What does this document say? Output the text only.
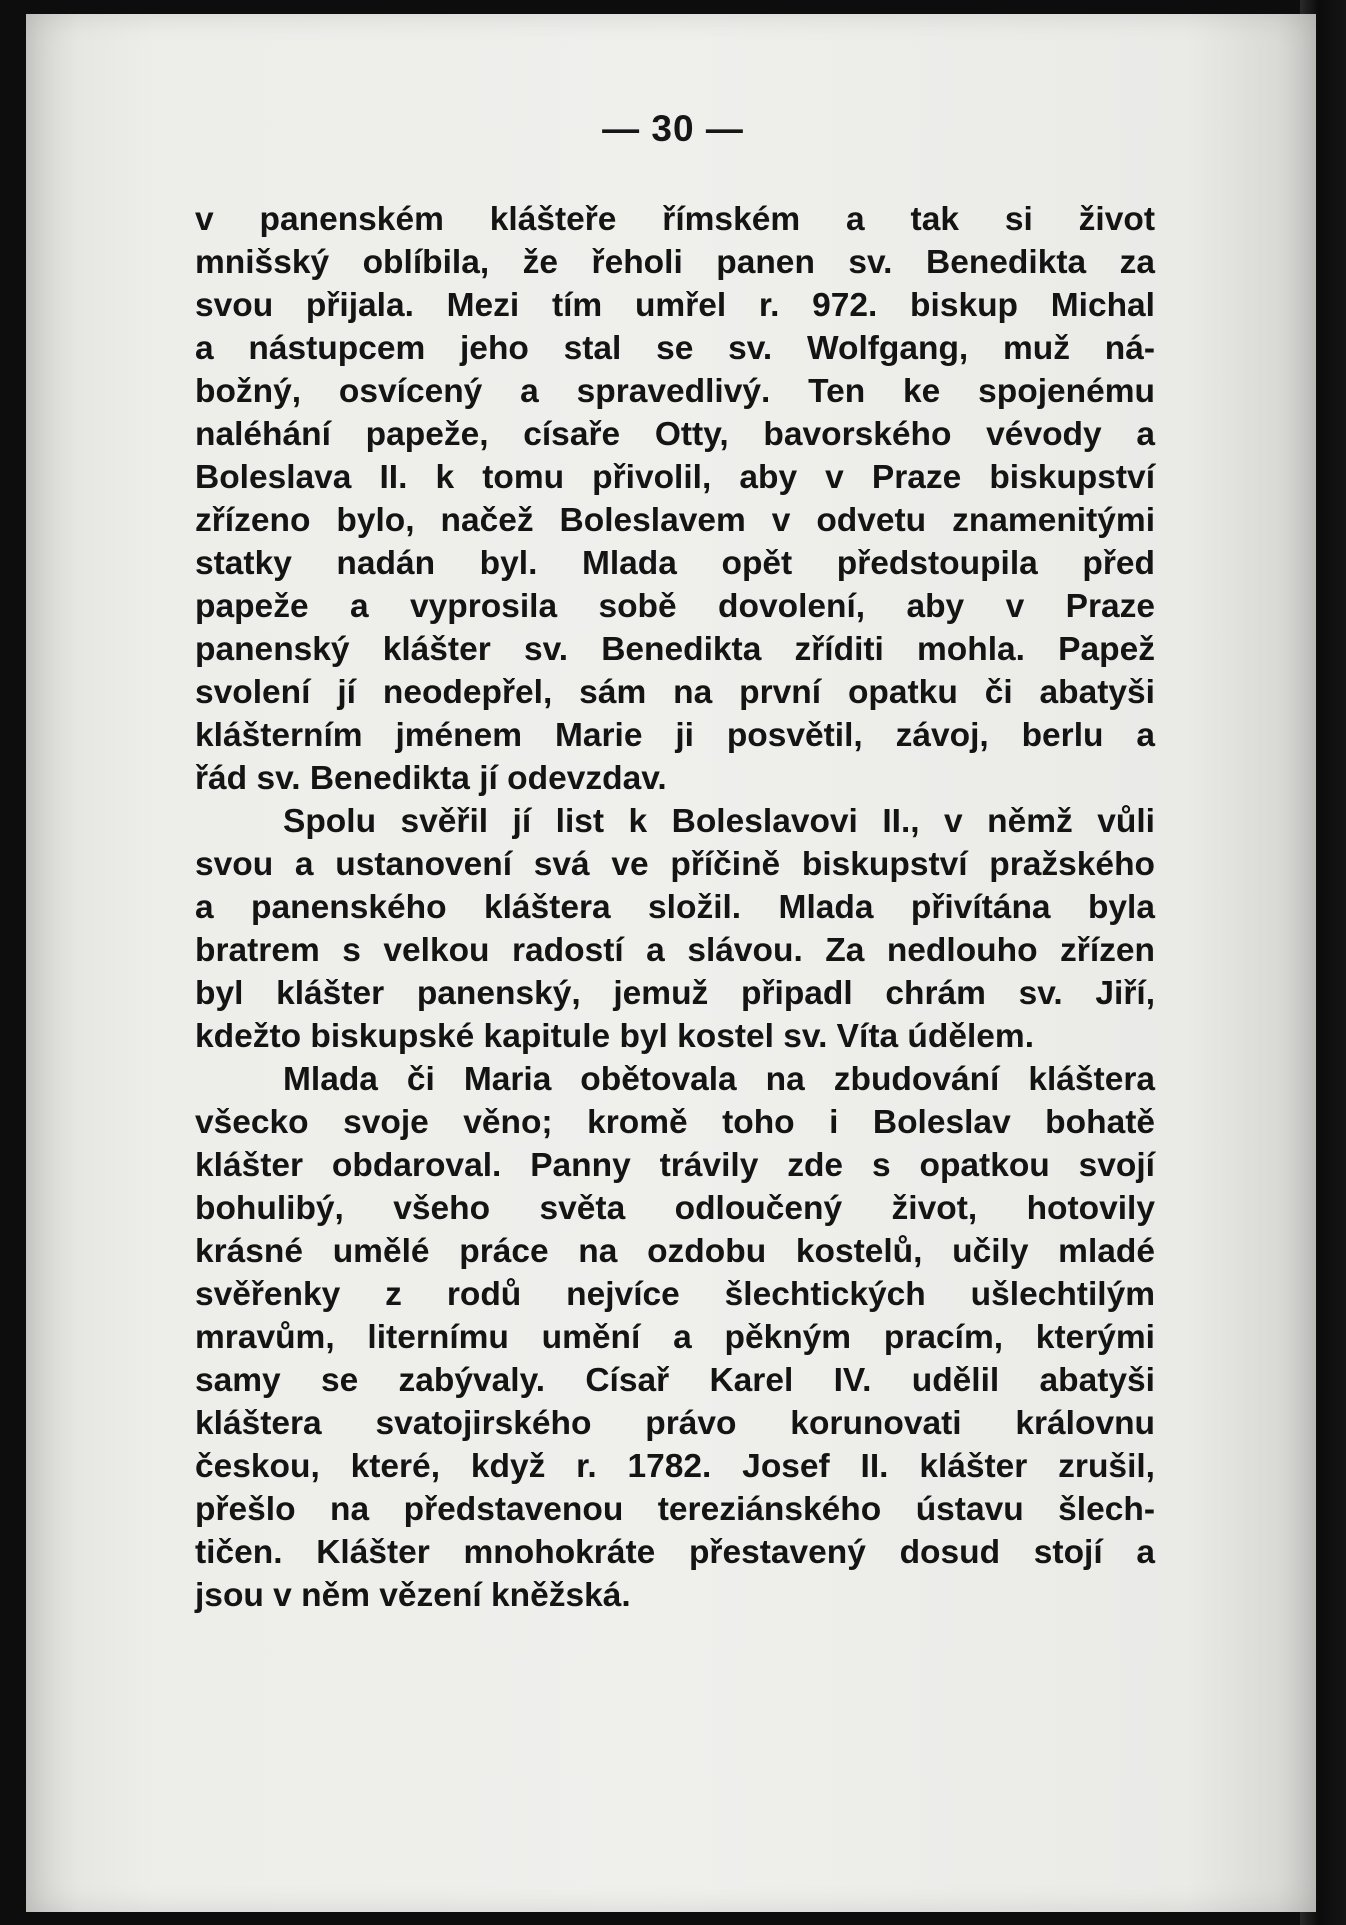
— 30 —
v panenském klášteře římském a tak si život
mnišský oblíbila, že řeholi panen sv. Benedikta za
svou přijala. Mezi tím umřel r. 972. biskup Michal
a nástupcem jeho stal se sv. Wolfgang, muž ná-
božný, osvícený a spravedlivý. Ten ke spojenému
naléhání papeže, císaře Otty, bavorského vévody a
Boleslava II. k tomu přivolil, aby v Praze biskupství
zřízeno bylo, načež Boleslavem v odvetu znamenitými
statky nadán byl. Mlada opět předstoupila před
papeže a vyprosila sobě dovolení, aby v Praze
panenský klášter sv. Benedikta zříditi mohla. Papež
svolení jí neodepřel, sám na první opatku či abatyši
klášterním jménem Marie ji posvětil, závoj, berlu a
řád sv. Benedikta jí odevzdav.
Spolu svěřil jí list k Boleslavovi II., v němž vůli
svou a ustanovení svá ve příčině biskupství pražského
a panenského kláštera složil. Mlada přivítána byla
bratrem s velkou radostí a slávou. Za nedlouho zřízen
byl klášter panenský, jemuž připadl chrám sv. Jiří,
kdežto biskupské kapitule byl kostel sv. Víta údělem.
Mlada či Maria obětovala na zbudování kláštera
všecko svoje věno; kromě toho i Boleslav bohatě
klášter obdaroval. Panny trávily zde s opatkou svojí
bohulibý, všeho světa odloučený život, hotovily
krásné umělé práce na ozdobu kostelů, učily mladé
svěřenky z rodů nejvíce šlechtických ušlechtilým
mravům, liternímu umění a pěkným pracím, kterými
samy se zabývaly. Císař Karel IV. udělil abatyši
kláštera svatojirského právo korunovati královnu
českou, které, když r. 1782. Josef II. klášter zrušil,
přešlo na představenou tereziánského ústavu šlech-
tičen. Klášter mnohokráte přestavený dosud stojí a
jsou v něm vězení kněžská.
